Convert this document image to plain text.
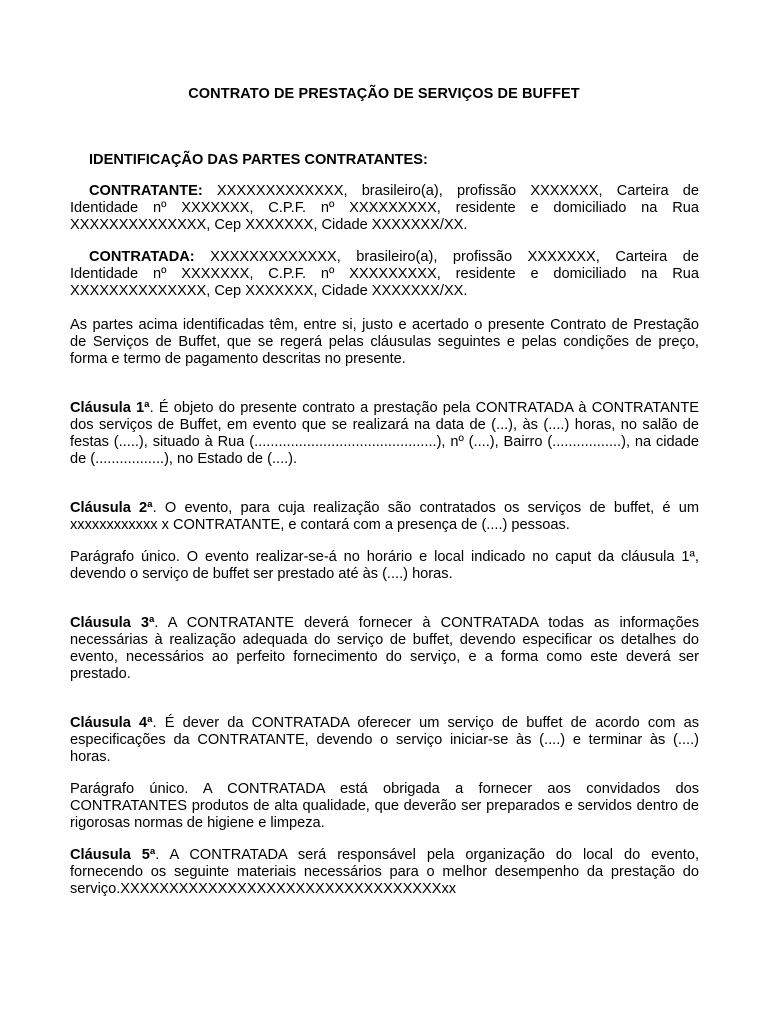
CONTRATO DE PRESTAÇÃO DE SERVIÇOS DE BUFFET

IDENTIFICAÇÃO DAS PARTES CONTRATANTES:

CONTRATANTE: XXXXXXXXXXXXX, brasileiro(a), profissão XXXXXXX, Carteira de Identidade nº XXXXXXX, C.P.F. nº XXXXXXXXX, residente e domiciliado na Rua XXXXXXXXXXXXXX, Cep XXXXXXX, Cidade XXXXXXX/XX.

CONTRATADA: XXXXXXXXXXXXX, brasileiro(a), profissão XXXXXXX, Carteira de Identidade nº XXXXXXX, C.P.F. nº XXXXXXXXX, residente e domiciliado na Rua XXXXXXXXXXXXXX, Cep XXXXXXX, Cidade XXXXXXX/XX.

As partes acima identificadas têm, entre si, justo e acertado o presente Contrato de Prestação de Serviços de Buffet, que se regerá pelas cláusulas seguintes e pelas condições de preço, forma e termo de pagamento descritas no presente.

Cláusula 1ª. É objeto do presente contrato a prestação pela CONTRATADA à CONTRATANTE dos serviços de Buffet, em evento que se realizará na data de (...), às (....) horas, no salão de festas (.....), situado à Rua (.............................................), nº (....), Bairro (.................), na cidade de (.................), no Estado de (....).

Cláusula 2ª. O evento, para cuja realização são contratados os serviços de buffet, é um xxxxxxxxxxxx x CONTRATANTE, e contará com a presença de (....) pessoas.

Parágrafo único. O evento realizar-se-á no horário e local indicado no caput da cláusula 1ª, devendo o serviço de buffet ser prestado até às (....) horas.

Cláusula 3ª. A CONTRATANTE deverá fornecer à CONTRATADA todas as informações necessárias à realização adequada do serviço de buffet, devendo especificar os detalhes do evento, necessários ao perfeito fornecimento do serviço, e a forma como este deverá ser prestado.

Cláusula 4ª. É dever da CONTRATADA oferecer um serviço de buffet de acordo com as especificações da CONTRATANTE, devendo o serviço iniciar-se às (....) e terminar às (....) horas.

Parágrafo único. A CONTRATADA está obrigada a fornecer aos convidados dos CONTRATANTES produtos de alta qualidade, que deverão ser preparados e servidos dentro de rigorosas normas de higiene e limpeza.

Cláusula 5ª. A CONTRATADA será responsável pela organização do local do evento, fornecendo os seguinte materiais necessários para o melhor desempenho da prestação do serviço.XXXXXXXXXXXXXXXXXXXXXXXXXXXXXXXXXxx
